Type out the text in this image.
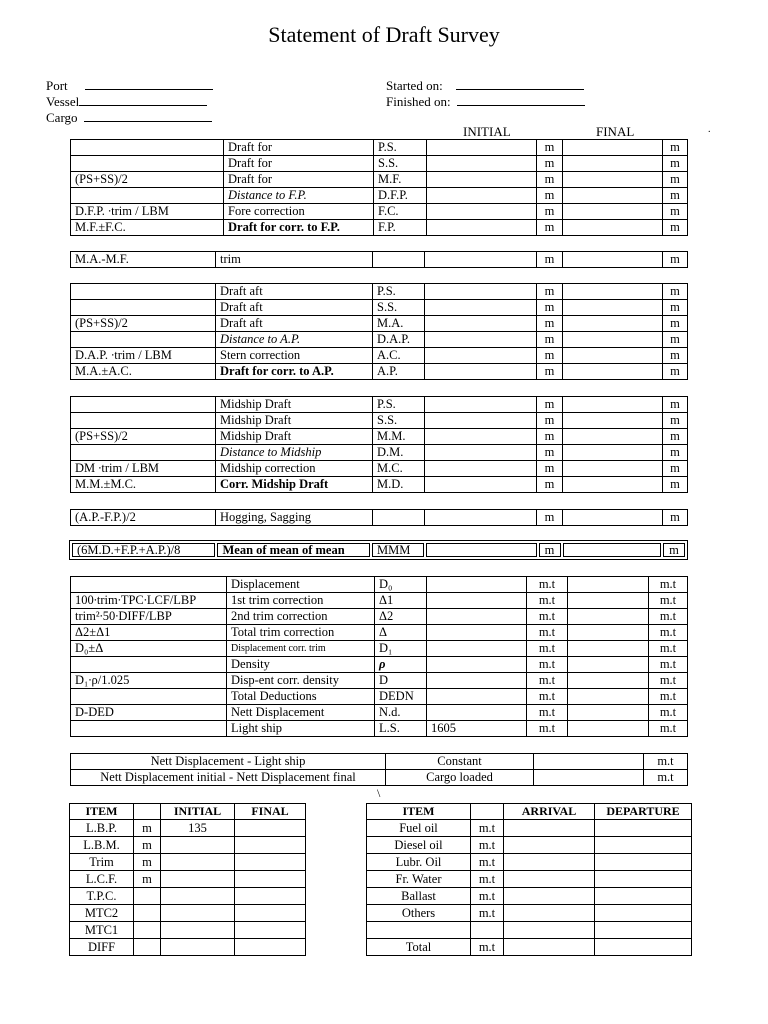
Statement of Draft Survey
Port
Vessel
Cargo
Started on:
Finished on:
INITIAL	FINAL	.
	Draft for	P.S.		m		m
	Draft for	S.S.		m		m
(PS+SS)/2	Draft for	M.F.		m		m
	Distance to F.P.	D.F.P.		m		m
D.F.P. ∙trim / LBM	Fore correction	F.C.		m		m
M.F.±F.C.	Draft for corr. to F.P.	F.P.		m		m
M.A.-M.F.	trim			m		m
	Draft aft	P.S.		m		m
	Draft aft	S.S.		m		m
(PS+SS)/2	Draft aft	M.A.		m		m
	Distance to A.P.	D.A.P.		m		m
D.A.P. ∙trim / LBM	Stern correction	A.C.		m		m
M.A.±A.C.	Draft for corr. to A.P.	A.P.		m		m
	Midship Draft	P.S.		m		m
	Midship Draft	S.S.		m		m
(PS+SS)/2	Midship Draft	M.M.		m		m
	Distance to Midship	D.M.		m		m
DM ∙trim / LBM	Midship correction	M.C.		m		m
M.M.±M.C.	Corr. Midship Draft	M.D.		m		m
(A.P.-F.P.)/2	Hogging, Sagging			m		m
(6M.D.+F.P.+A.P.)/8	Mean of mean of mean	MMM		m		m
	Displacement	D₀		m.t		m.t
100∙trim∙TPC∙LCF/LBP	1st trim correction	Δ1		m.t		m.t
trim²∙50∙DIFF/LBP	2nd trim correction	Δ2		m.t		m.t
Δ2±Δ1	Total trim correction	Δ		m.t		m.t
D₀±Δ	Displacement corr. trim	D₁		m.t		m.t
	Density	ρ		m.t		m.t
D₁∙ρ/1.025	Disp-ent corr. density	D		m.t		m.t
	Total Deductions	DEDN		m.t		m.t
D-DED	Nett Displacement	N.d.		m.t		m.t
	Light ship	L.S.	1605	m.t		m.t
Nett Displacement - Light ship	Constant		m.t
Nett Displacement initial - Nett Displacement final	Cargo loaded		m.t
\
ITEM		INITIAL	FINAL
L.B.P.	m	135	
L.B.M.	m		
Trim	m		
L.C.F.	m		
T.P.C.			
MTC2			
MTC1			
DIFF			
ITEM		ARRIVAL	DEPARTURE
Fuel oil	m.t		
Diesel oil	m.t		
Lubr. Oil	m.t		
Fr. Water	m.t		
Ballast	m.t		
Others	m.t		

Total	m.t		
